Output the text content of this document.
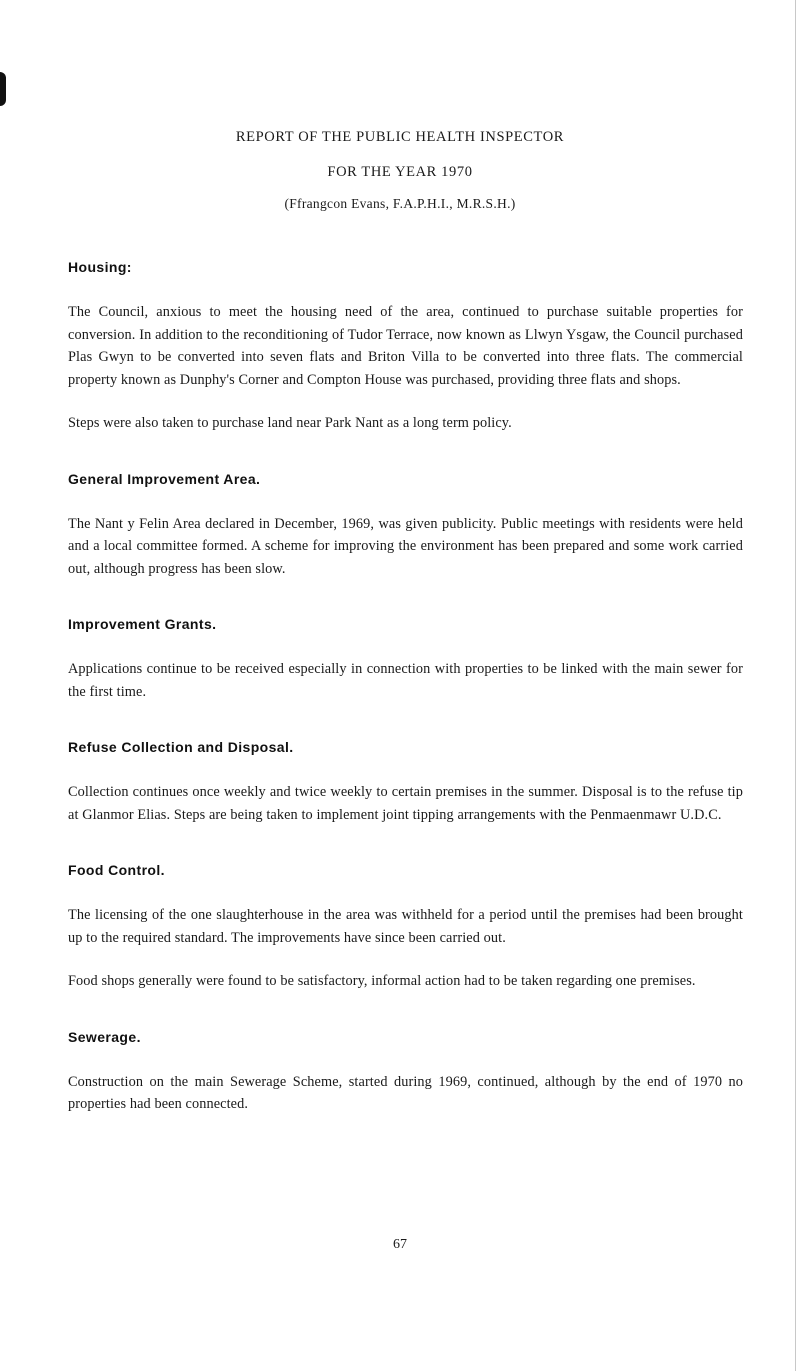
REPORT OF THE PUBLIC HEALTH INSPECTOR
FOR THE YEAR 1970
(Ffrangcon Evans, F.A.P.H.I., M.R.S.H.)
Housing:

The Council, anxious to meet the housing need of the area, continued to purchase suitable properties for conversion. In addition to the reconditioning of Tudor Terrace, now known as Llwyn Ysgaw, the Council purchased Plas Gwyn to be converted into seven flats and Briton Villa to be converted into three flats. The commercial property known as Dunphy's Corner and Compton House was purchased, providing three flats and shops.

Steps were also taken to purchase land near Park Nant as a long term policy.

General Improvement Area.

The Nant y Felin Area declared in December, 1969, was given publicity. Public meetings with residents were held and a local committee formed. A scheme for improving the environment has been prepared and some work carried out, although progress has been slow.

Improvement Grants.

Applications continue to be received especially in connection with properties to be linked with the main sewer for the first time.

Refuse Collection and Disposal.

Collection continues once weekly and twice weekly to certain premises in the summer. Disposal is to the refuse tip at Glanmor Elias. Steps are being taken to implement joint tipping arrangements with the Penmaenmawr U.D.C.

Food Control.

The licensing of the one slaughterhouse in the area was withheld for a period until the premises had been brought up to the required standard. The improvements have since been carried out.

Food shops generally were found to be satisfactory, informal action had to be taken regarding one premises.

Sewerage.

Construction on the main Sewerage Scheme, started during 1969, continued, although by the end of 1970 no properties had been connected.

67
